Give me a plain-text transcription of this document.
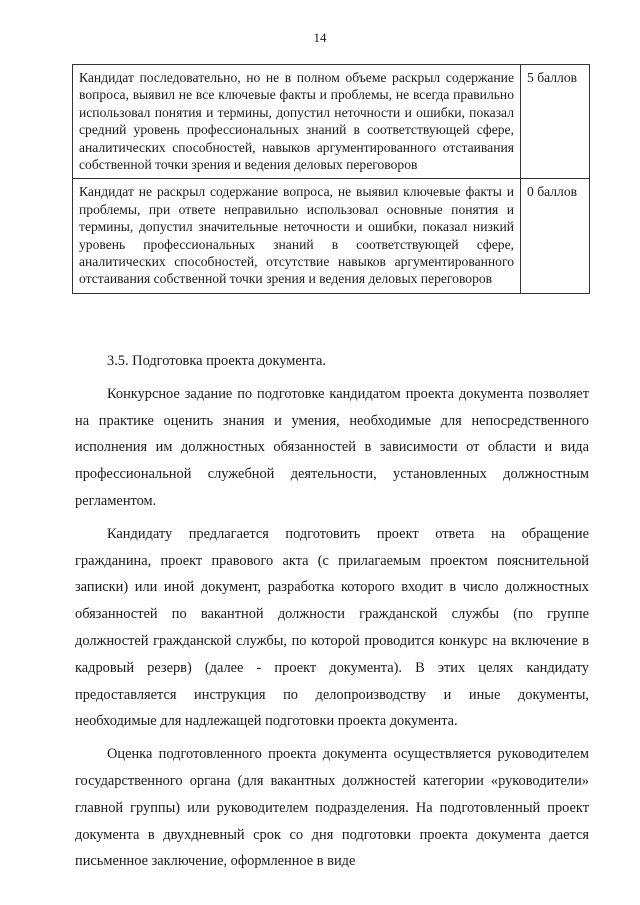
14
Кандидат последовательно, но не в полном объеме раскрыл содержание вопроса, выявил не все ключевые факты и проблемы, не всегда правильно использовал понятия и термины, допустил неточности и ошибки, показал средний уровень профессиональных знаний в соответствующей сфере, аналитических способностей, навыков аргументированного отстаивания собственной точки зрения и ведения деловых переговоров	5 баллов
Кандидат не раскрыл содержание вопроса, не выявил ключевые факты и проблемы, при ответе неправильно использовал основные понятия и термины, допустил значительные неточности и ошибки, показал низкий уровень профессиональных знаний в соответствующей сфере, аналитических способностей, отсутствие навыков аргументированного отстаивания собственной точки зрения и ведения деловых переговоров	0 баллов
3.5. Подготовка проекта документа.

Конкурсное задание по подготовке кандидатом проекта документа позволяет на практике оценить знания и умения, необходимые для непосредственного исполнения им должностных обязанностей в зависимости от области и вида профессиональной служебной деятельности, установленных должностным регламентом.

Кандидату предлагается подготовить проект ответа на обращение гражданина, проект правового акта (с прилагаемым проектом пояснительной записки) или иной документ, разработка которого входит в число должностных обязанностей по вакантной должности гражданской службы (по группе должностей гражданской службы, по которой проводится конкурс на включение в кадровый резерв) (далее - проект документа). В этих целях кандидату предоставляется инструкция по делопроизводству и иные документы, необходимые для надлежащей подготовки проекта документа.

Оценка подготовленного проекта документа осуществляется руководителем государственного органа (для вакантных должностей категории «руководители» главной группы) или руководителем подразделения. На подготовленный проект документа в двухдневный срок со дня подготовки проекта документа дается письменное заключение, оформленное в виде
